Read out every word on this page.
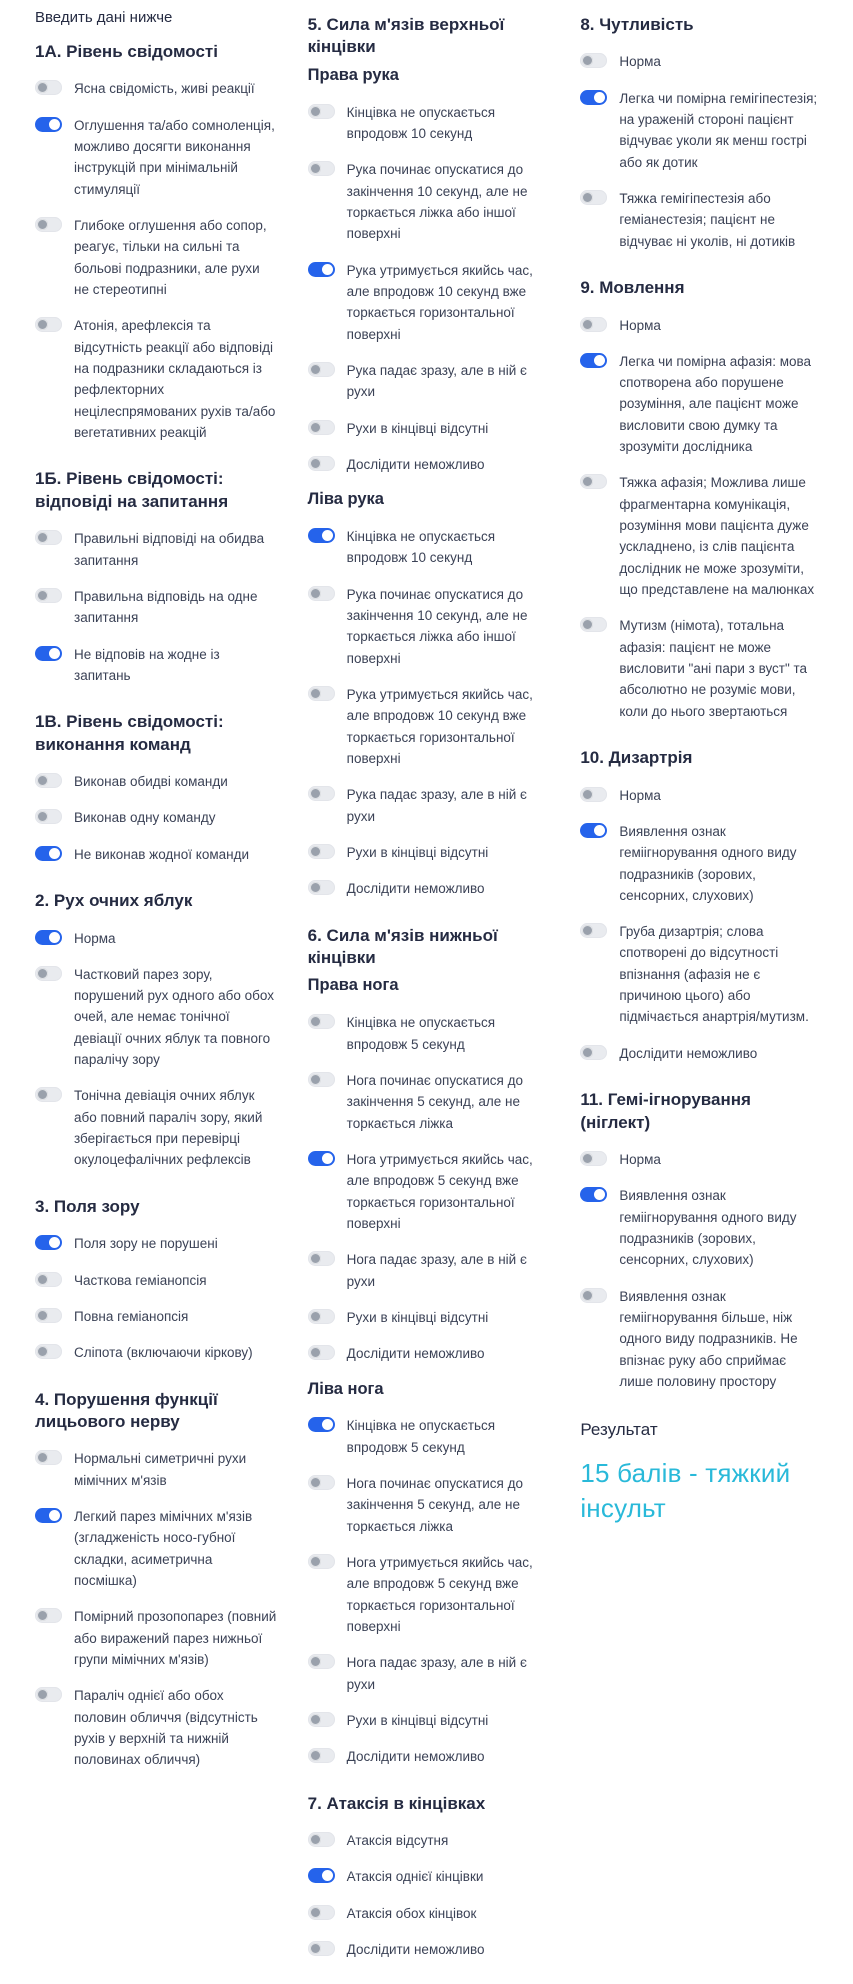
Введить дані нижче
1А. Рівень свідомості
Ясна свідомість, живі реакції
Оглушення та/або сомноленція, можливо досягти виконання інструкцій при мінімальній стимуляції
Глибоке оглушення або сопор, реагує, тільки на сильні та больові подразники, але рухи не стереотипні
Атонія, арефлексія та відсутність реакції або відповіді на подразники складаються із рефлекторних нецілеспрямованих рухів та/або вегетативних реакцій
1Б. Рівень свідомості: відповіді на запитання
Правильні відповіді на обидва запитання
Правильна відповідь на одне запитання
Не відповів на жодне із запитань
1В. Рівень свідомості: виконання команд
Виконав обидві команди
Виконав одну команду
Не виконав жодної команди
2. Рух очних яблук
Норма
Частковий парез зору, порушений рух одного або обох очей, але немає тонічної девіації очних яблук та повного паралічу зору
Тонічна девіація очних яблук або повний параліч зору, який зберігається при перевірці окулоцефалічних рефлексів
3. Поля зору
Поля зору не порушені
Часткова геміанопсія
Повна геміанопсія
Сліпота (включаючи кіркову)
4. Порушення функції лицьового нерву
Нормальні симетричні рухи мімічних м'язів
Легкий парез мімічних м'язів (згладженість носо-губної складки, асиметрична посмішка)
Помірний прозопопарез (повний або виражений парез нижньої групи мімічних м'язів)
Параліч однієї або обох половин обличчя (відсутність рухів у верхній та нижній половинах обличчя)
5. Сила м'язів верхньої кінцівки
Права рука
Кінцівка не опускається впродовж 10 секунд
Рука починає опускатися до закінчення 10 секунд, але не торкається ліжка або іншої поверхні
Рука утримується якийсь час, але впродовж 10 секунд вже торкається горизонтальної поверхні
Рука падає зразу, але в ній є рухи
Рухи в кінцівці відсутні
Дослідити неможливо
Ліва рука
Кінцівка не опускається впродовж 10 секунд
Рука починає опускатися до закінчення 10 секунд, але не торкається ліжка або іншої поверхні
Рука утримується якийсь час, але впродовж 10 секунд вже торкається горизонтальної поверхні
Рука падає зразу, але в ній є рухи
Рухи в кінцівці відсутні
Дослідити неможливо
6. Сила м'язів нижньої кінцівки
Права нога
Кінцівка не опускається впродовж 5 секунд
Нога починає опускатися до закінчення 5 секунд, але не торкається ліжка
Нога утримується якийсь час, але впродовж 5 секунд вже торкається горизонтальної поверхні
Нога падає зразу, але в ній є рухи
Рухи в кінцівці відсутні
Дослідити неможливо
Ліва нога
Кінцівка не опускається впродовж 5 секунд
Нога починає опускатися до закінчення 5 секунд, але не торкається ліжка
Нога утримується якийсь час, але впродовж 5 секунд вже торкається горизонтальної поверхні
Нога падає зразу, але в ній є рухи
Рухи в кінцівці відсутні
Дослідити неможливо
7. Атаксія в кінцівках
Атаксія відсутня
Атаксія однієї кінцівки
Атаксія обох кінцівок
Дослідити неможливо
8. Чутливість
Норма
Легка чи помірна гемігіпестезія; на ураженій стороні пацієнт відчуває уколи як менш гострі або як дотик
Тяжка гемігіпестезія або геміанестезія; пацієнт не відчуває ні уколів, ні дотиків
9. Мовлення
Норма
Легка чи помірна афазія: мова спотворена або порушене розуміння, але пацієнт може висловити свою думку та зрозуміти дослідника
Тяжка афазія; Можлива лише фрагментарна комунікація, розуміння мови пацієнта дуже ускладнено, із слів пацієнта дослідник не може зрозуміти, що представлене на малюнках
Мутизм (німота), тотальна афазія: пацієнт не може висловити "ані пари з вуст" та абсолютно не розуміє мови, коли до нього звертаються
10. Дизартрія
Норма
Виявлення ознак геміігнорування одного виду подразників (зорових, сенсорних, слухових)
Груба дизартрія; слова спотворені до відсутності впізнання (афазія не є причиною цього) або підмічається анартрія/мутизм.
Дослідити неможливо
11. Гемі-ігнорування (ніглект)
Норма
Виявлення ознак геміігнорування одного виду подразників (зорових, сенсорних, слухових)
Виявлення ознак геміігнорування більше, ніж одного виду подразників. Не впізнає руку або сприймає лише половину простору
Результат
15 балів - тяжкий інсульт
